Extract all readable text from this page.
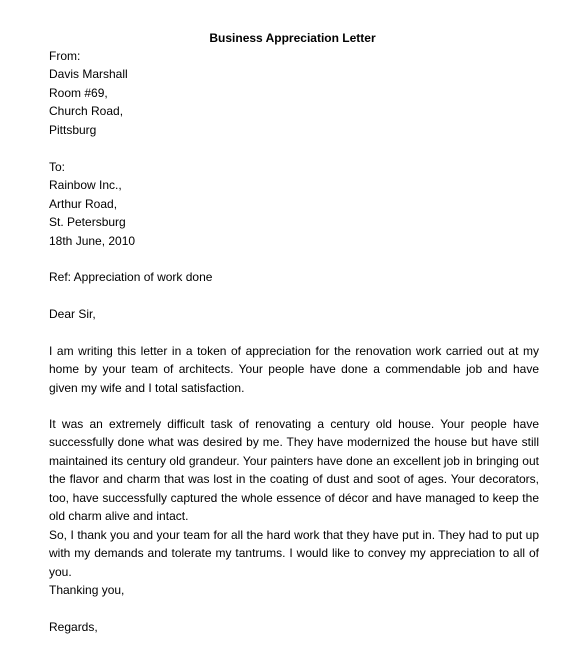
Business Appreciation Letter
From:
Davis Marshall
Room #69,
Church Road,
Pittsburg
To:
Rainbow Inc.,
Arthur Road,
St. Petersburg
18th June, 2010
Ref: Appreciation of work done
Dear Sir,
I am writing this letter in a token of appreciation for the renovation work carried out at my home by your team of architects. Your people have done a commendable job and have given my wife and I total satisfaction.
It was an extremely difficult task of renovating a century old house. Your people have successfully done what was desired by me. They have modernized the house but have still maintained its century old grandeur. Your painters have done an excellent job in bringing out the flavor and charm that was lost in the coating of dust and soot of ages. Your decorators, too, have successfully captured the whole essence of décor and have managed to keep the old charm alive and intact.
So, I thank you and your team for all the hard work that they have put in. They had to put up with my demands and tolerate my tantrums. I would like to convey my appreciation to all of you.
Thanking you,
Regards,
